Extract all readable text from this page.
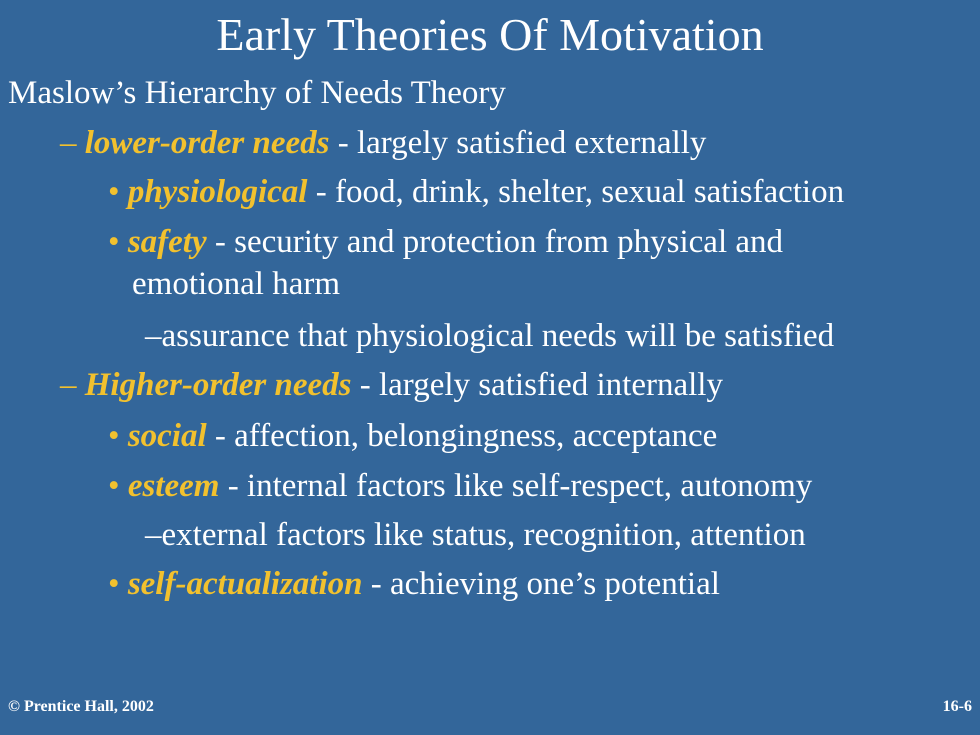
Early Theories Of Motivation
Maslow’s Hierarchy of Needs Theory
– lower-order needs - largely satisfied externally
• physiological - food, drink, shelter, sexual satisfaction
• safety - security and protection from physical and
emotional harm
–assurance that physiological needs will be satisfied
– Higher-order needs - largely satisfied internally
• social - affection, belongingness, acceptance
• esteem - internal factors like self-respect, autonomy
–external factors like status, recognition, attention
• self-actualization - achieving one’s potential
© Prentice Hall, 2002	16-6
